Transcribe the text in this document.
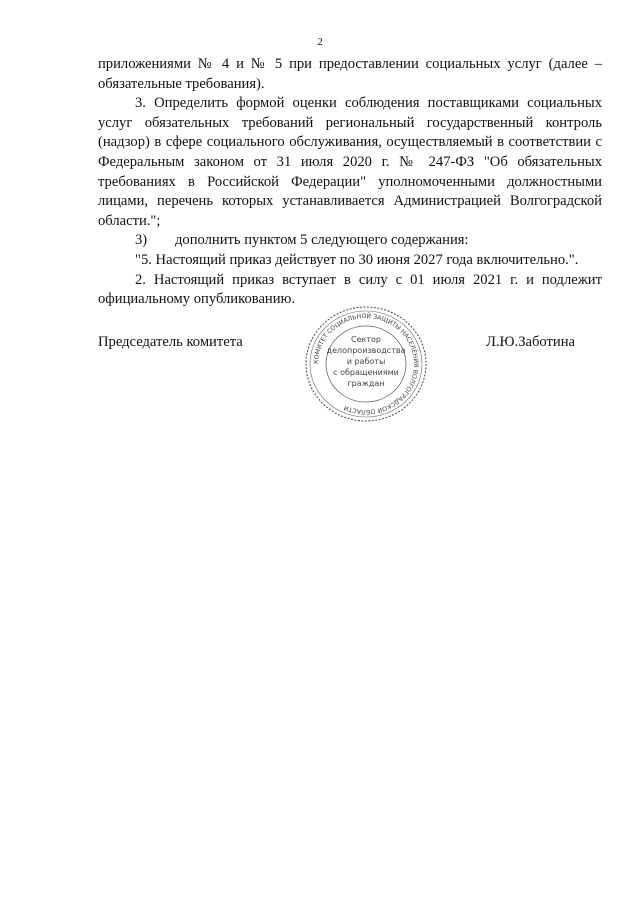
2

приложениями № 4 и № 5 при предоставлении социальных услуг (далее –

обязательные требования).

3. Определить формой оценки соблюдения поставщиками социальных услуг обязательных требований региональный государственный контроль (надзор) в сфере социального обслуживания, осуществляемый в соответствии с Федеральным законом от 31 июля 2020 г. № 247-ФЗ "Об обязательных требованиях в Российской Федерации" уполномоченными должностными лицами, перечень которых устанавливается Администрацией Волгоградской области.";

3) дополнить пунктом 5 следующего содержания:

"5. Настоящий приказ действует по 30 июня 2027 года включительно.".

2. Настоящий приказ вступает в силу с 01 июля 2021 г. и подлежит официальному опубликованию.

Председатель комитета	Л.Ю.Заботина
КОМИТЕТ СОЦИАЛЬНОЙ ЗАЩИТЫ НАСЕЛЕНИЯ ВОЛГОГРАДСКОЙ ОБЛАСТИ
Сектор
делопроизводства
и работы
с обращениями
граждан
